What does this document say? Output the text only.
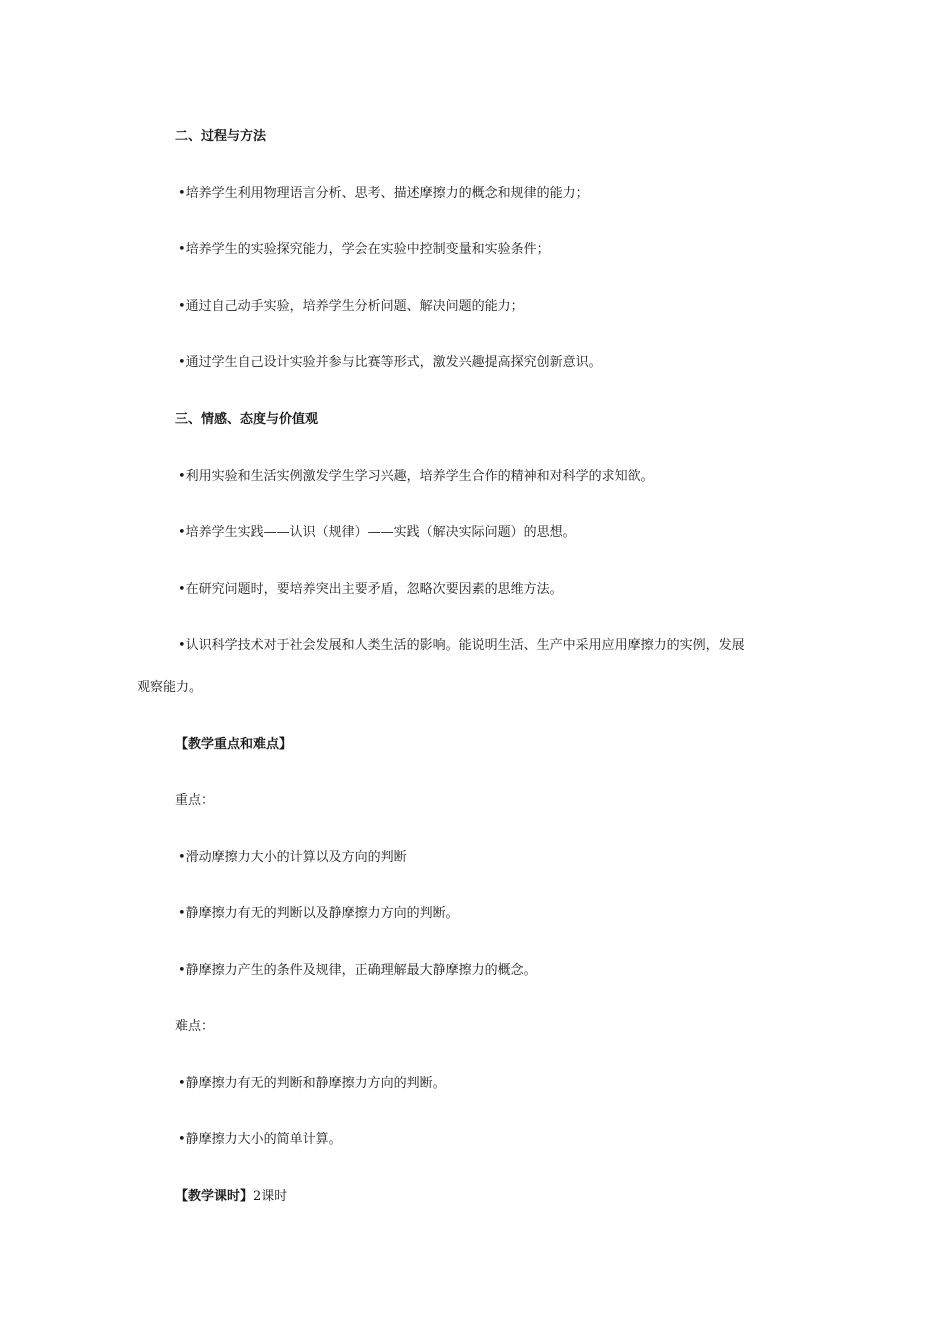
二、过程与方法
•培养学生利用物理语言分析、思考、描述摩擦力的概念和规律的能力；
•培养学生的实验探究能力，学会在实验中控制变量和实验条件；
•通过自己动手实验，培养学生分析问题、解决问题的能力；
•通过学生自己设计实验并参与比赛等形式，激发兴趣提高探究创新意识。
三、情感、态度与价值观
•利用实验和生活实例激发学生学习兴趣，培养学生合作的精神和对科学的求知欲。
•培养学生实践——认识（规律）——实践（解决实际问题）的思想。
•在研究问题时，要培养突出主要矛盾，忽略次要因素的思维方法。
•认识科学技术对于社会发展和人类生活的影响。能说明生活、生产中采用应用摩擦力的实例，发展
观察能力。
【教学重点和难点】
重点：
•滑动摩擦力大小的计算以及方向的判断
•静摩擦力有无的判断以及静摩擦力方向的判断。
•静摩擦力产生的条件及规律，正确理解最大静摩擦力的概念。
难点：
•静摩擦力有无的判断和静摩擦力方向的判断。
•静摩擦力大小的简单计算。
【教学课时】2课时
